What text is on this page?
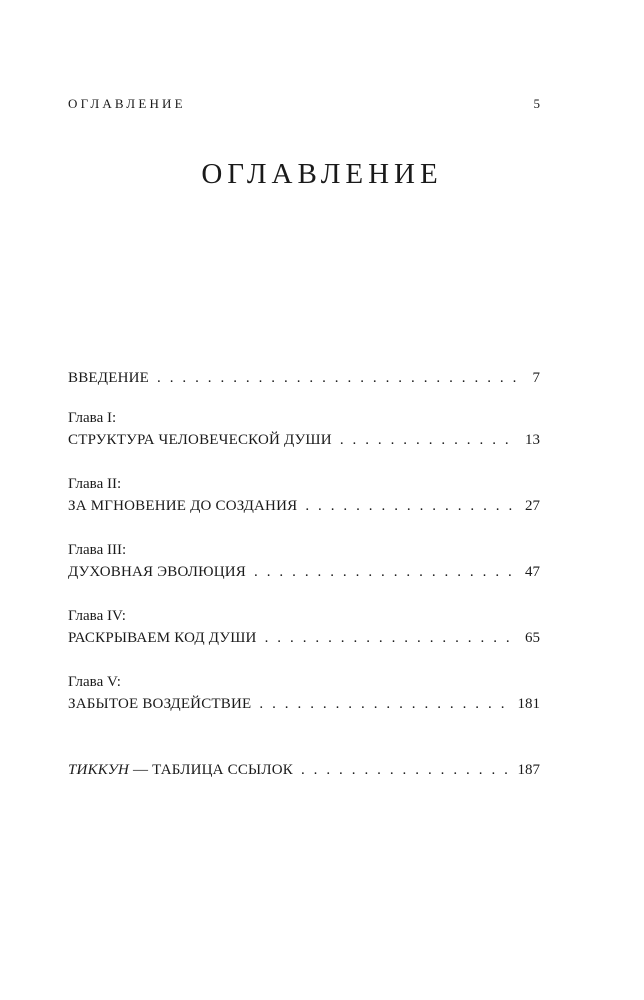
ОГЛАВЛЕНИЕ	5
ОГЛАВЛЕНИЕ
ВВЕДЕНИЕ . . .	7
Глава I:
СТРУКТУРА ЧЕЛОВЕЧЕСКОЙ ДУШИ . . .	13
Глава II:
ЗА МГНОВЕНИЕ ДО СОЗДАНИЯ . . .	27
Глава III:
ДУХОВНАЯ ЭВОЛЮЦИЯ . . .	47
Глава IV:
РАСКРЫВАЕМ КОД ДУШИ . . .	65
Глава V:
ЗАБЫТОЕ ВОЗДЕЙСТВИЕ . . .	181
ТИККУН — ТАБЛИЦА ССЫЛОК . . .	187
